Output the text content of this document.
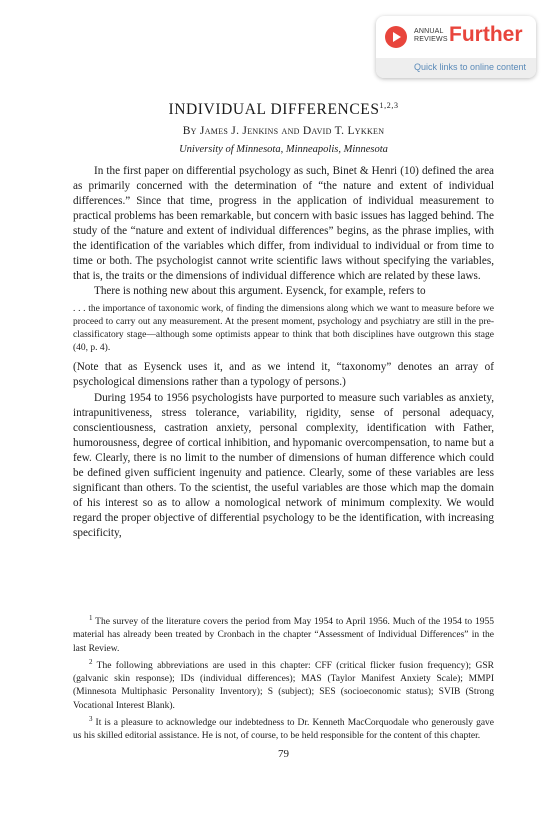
ANNUAL
REVIEWS Further
Quick links to online content
INDIVIDUAL DIFFERENCES$^{1,2,3}$
By James J. Jenkins and David T. Lykken
University of Minnesota, Minneapolis, Minnesota

In the first paper on differential psychology as such, Binet & Henri (10) defined the area as primarily concerned with the determination of “the nature and extent of individual differences.” Since that time, progress in the application of individual measurement to practical problems has been remarkable, but concern with basic issues has lagged behind. The study of the “nature and extent of individual differences” begins, as the phrase implies, with the identification of the variables which differ, from individual to individual or from time to time or both. The psychologist cannot write scientific laws without specifying the variables, that is, the traits or the dimensions of individual difference which are related by these laws.

There is nothing new about this argument. Eysenck, for example, refers to

. . . the importance of taxonomic work, of finding the dimensions along which we want to measure before we proceed to carry out any measurement. At the present moment, psychology and psychiatry are still in the pre-classificatory stage—although some optimists appear to think that both disciplines have outgrown this stage (40, p. 4).

(Note that as Eysenck uses it, and as we intend it, “taxonomy” denotes an array of psychological dimensions rather than a typology of persons.)

During 1954 to 1956 psychologists have purported to measure such variables as anxiety, intrapunitiveness, stress tolerance, variability, rigidity, sense of personal adequacy, conscientiousness, castration anxiety, personal complexity, identification with Father, humorousness, degree of cortical inhibition, and hypomanic overcompensation, to name but a few. Clearly, there is no limit to the number of dimensions of human difference which could be defined given sufficient ingenuity and patience. Clearly, some of these variables are less significant than others. To the scientist, the useful variables are those which map the domain of his interest so as to allow a nomological network of minimum complexity. We would regard the proper objective of differential psychology to be the identification, with increasing specificity,

$^1$ The survey of the literature covers the period from May 1954 to April 1956. Much of the 1954 to 1955 material has already been treated by Cronbach in the chapter “Assessment of Individual Differences” in the last Review.

$^2$ The following abbreviations are used in this chapter: CFF (critical flicker fusion frequency); GSR (galvanic skin response); IDs (individual differences); MAS (Taylor Manifest Anxiety Scale); MMPI (Minnesota Multiphasic Personality Inventory); S (subject); SES (socioeconomic status); SVIB (Strong Vocational Interest Blank).

$^3$ It is a pleasure to acknowledge our indebtedness to Dr. Kenneth MacCorquodale who generously gave us his skilled editorial assistance. He is not, of course, to be held responsible for the content of this chapter.

79
